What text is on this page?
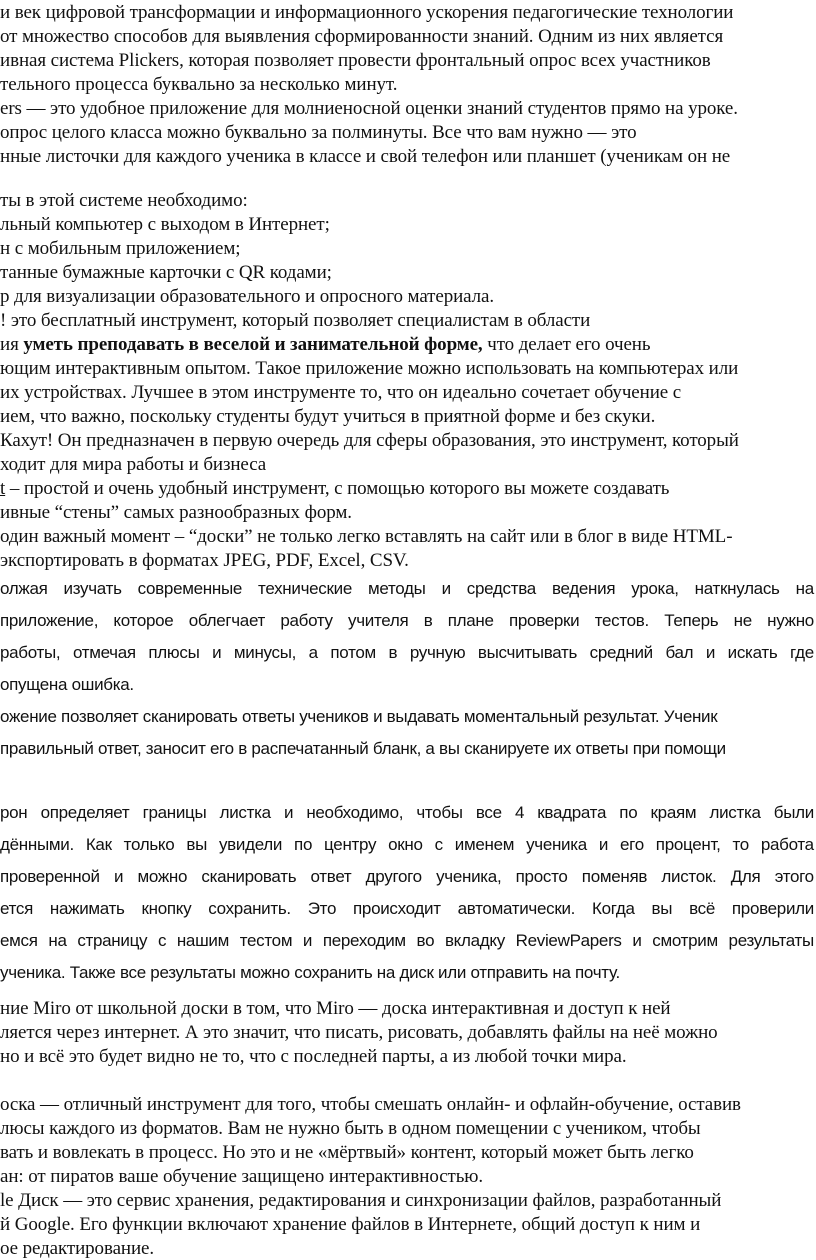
и век цифровой трансформации и информационного ускорения педагогические технологии

от множество способов для выявления сформированности знаний. Одним из них является

ивная система Plickers, которая позволяет провести фронтальный опрос всех участников

тельного процесса буквально за несколько минут.

ers — это удобное приложение для молниеносной оценки знаний студентов прямо на уроке.

опрос целого класса можно буквально за полминуты. Все что вам нужно — это

нные листочки для каждого ученика в классе и свой телефон или планшет (ученикам он не

ты в этой системе необходимо:

льный компьютер с выходом в Интернет;

н с мобильным приложением;

танные бумажные карточки с QR кодами;

р для визуализации образовательного и опросного материала.

! это бесплатный инструмент, который позволяет специалистам в области

ия уметь преподавать в веселой и занимательной форме, что делает его очень

ющим интерактивным опытом. Такое приложение можно использовать на компьютерах или

их устройствах. Лучшее в этом инструменте то, что он идеально сочетает обучение с

ием, что важно, поскольку студенты будут учиться в приятной форме и без скуки.

Кахут! Он предназначен в первую очередь для сферы образования, это инструмент, который

ходит для мира работы и бизнеса

t – простой и очень удобный инструмент, с помощью которого вы можете создавать

ивные “стены” самых разнообразных форм.

один важный момент – “доски” не только легко вставлять на сайт или в блог в виде HTML-

экспортировать в форматах JPEG, PDF, Excel, CSV.

олжая изучать современные технические методы и средства ведения урока, наткнулась на
приложение, которое облегчает работу учителя в плане проверки тестов. Теперь не нужно
работы, отмечая плюсы и минусы, а потом в ручную высчитывать средний бал и искать где

опущена ошибка.

ожение позволяет сканировать ответы учеников и выдавать моментальный результат. Ученик

правильный ответ, заносит его в распечатанный бланк, а вы сканируете их ответы при помощи

рон определяет границы листка и необходимо, чтобы все 4 квадрата по краям листка были
дёнными. Как только вы увидели по центру окно с именем ученика и его процент, то работа
проверенной и можно сканировать ответ другого ученика, просто поменяв листок. Для этого
ется нажимать кнопку сохранить. Это происходит автоматически. Когда вы всё проверили
емся на страницу с нашим тестом и переходим во вкладку ReviewPapers и смотрим результаты

ученика. Также все результаты можно сохранить на диск или отправить на почту.

ние Miro от школьной доски в том, что Miro — доска интерактивная и доступ к ней

ляется через интернет. А это значит, что писать, рисовать, добавлять файлы на неё можно

но и всё это будет видно не то, что с последней парты, а из любой точки мира.

оска — отличный инструмент для того, чтобы смешать онлайн- и офлайн-обучение, оставив

люсы каждого из форматов. Вам не нужно быть в одном помещении с учеником, чтобы

вать и вовлекать в процесс. Но это и не «мёртвый» контент, который может быть легко

ан: от пиратов ваше обучение защищено интерактивностью.

le Диск — это сервис хранения, редактирования и синхронизации файлов, разработанный

й Google. Его функции включают хранение файлов в Интернете, общий доступ к ним и

ое редактирование.
